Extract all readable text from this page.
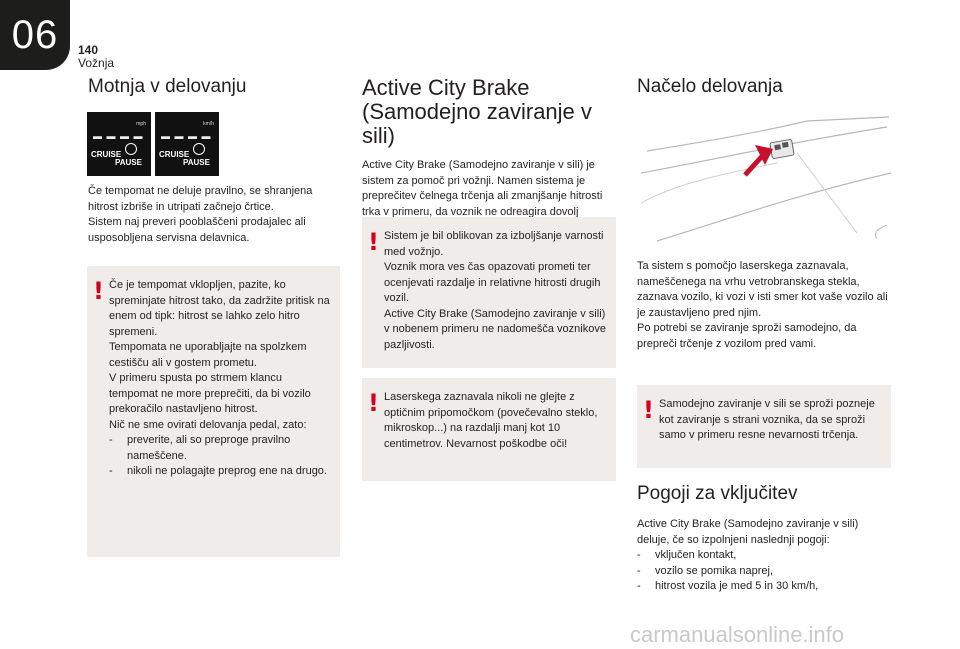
06	140
Vožnja
Motnja v delovanju
mph
▬ ▬ ▬ ▬
CRUISE
PAUSE
km/h
▬ ▬ ▬ ▬
CRUISE
PAUSE

Če tempomat ne deluje pravilno, se shranjena hitrost izbriše in utripati začnejo črtice.

Sistem naj preveri pooblaščeni prodajalec ali usposobljena servisna delavnica.

! Če je tempomat vklopljen, pazite, ko spreminjate hitrost tako, da zadržite pritisk na enem od tipk: hitrost se lahko zelo hitro spremeni.

Tempomata ne uporabljajte na spolzkem cestišču ali v gostem prometu.

V primeru spusta po strmem klancu tempomat ne more preprečiti, da bi vozilo prekoračilo nastavljeno hitrost.

Nič ne sme ovirati delovanja pedal, zato:

- preverite, ali so preproge pravilno nameščene.
- nikoli ne polagajte preprog ene na drugo.
Active City Brake
(Samodejno zaviranje v sili)

Active City Brake (Samodejno zaviranje v sili) je sistem za pomoč pri vožnji. Namen sistema je preprečitev čelnega trčenja ali zmanjšanje hitrosti trka v primeru, da voznik ne odreagira dovolj

! Sistem je bil oblikovan za izboljšanje varnosti med vožnjo.

Voznik mora ves čas opazovati prometi ter ocenjevati razdalje in relativne hitrosti drugih vozil.

Active City Brake (Samodejno zaviranje v sili) v nobenem primeru ne nadomešča voznikove pazljivosti.

! Laserskega zaznavala nikoli ne glejte z optičnim pripomočkom (povečevalno steklo, mikroskop...) na razdalji manj kot 10 centimetrov. Nevarnost poškodbe oči!

Načelo delovanja

Ta sistem s pomočjo laserskega zaznavala, nameščenega na vrhu vetrobranskega stekla, zaznava vozilo, ki vozi v isti smer kot vaše vozilo ali je zaustavljeno pred njim.

Po potrebi se zaviranje sproži samodejno, da prepreči trčenje z vozilom pred vami.

! Samodejno zaviranje v sili se sproži pozneje kot zaviranje s strani voznika, da se sproži samo v primeru resne nevarnosti trčenja.

Pogoji za vključitev

Active City Brake (Samodejno zaviranje v sili) deluje, če so izpolnjeni naslednji pogoji:

- vključen kontakt,
- vozilo se pomika naprej,
- hitrost vozila je med 5 in 30 km/h,
carmanualsonline.info
